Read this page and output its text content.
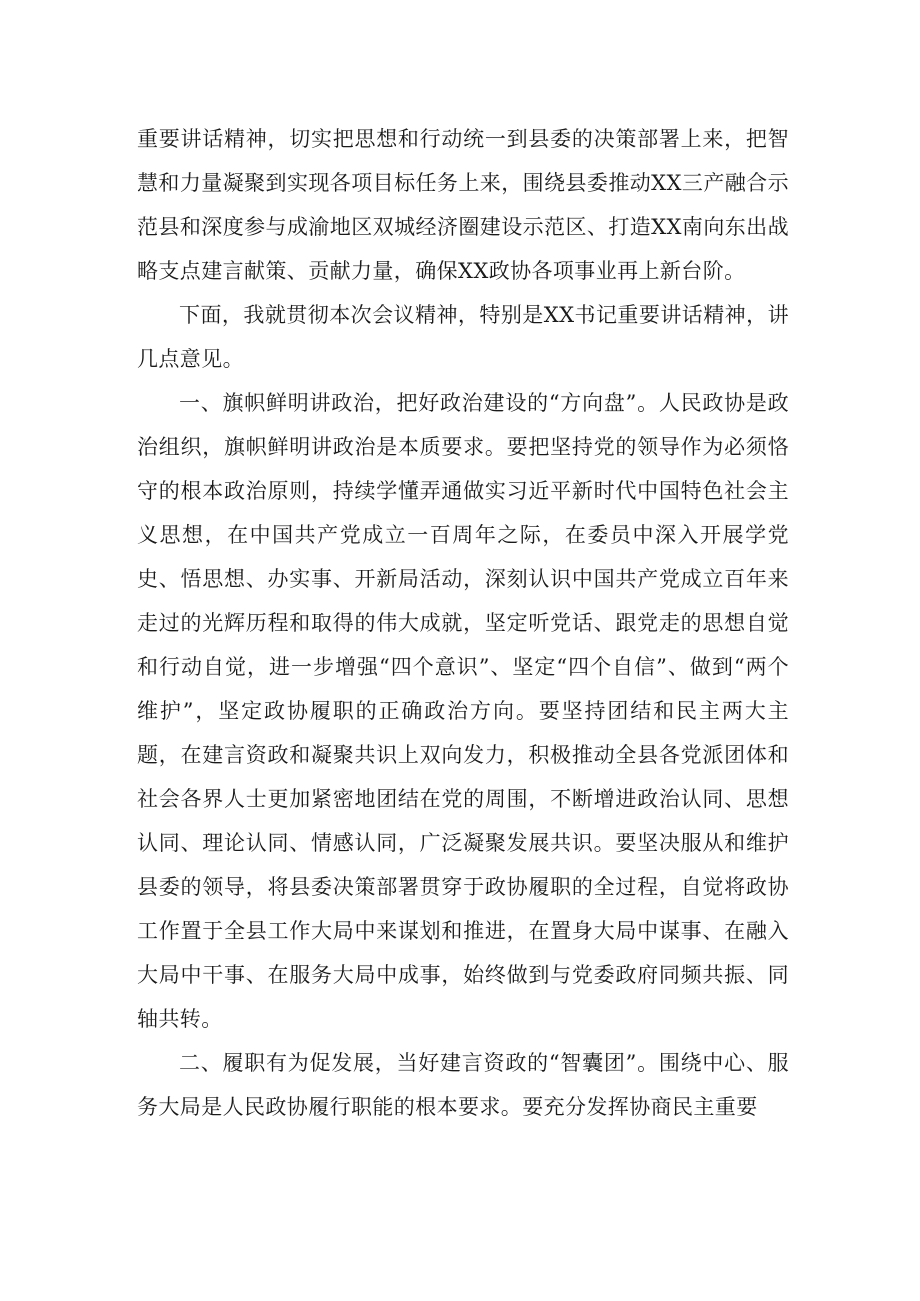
重要讲话精神，切实把思想和行动统一到县委的决策部署上来，把智慧和力量凝聚到实现各项目标任务上来，围绕县委推动XX三产融合示范县和深度参与成渝地区双城经济圈建设示范区、打造XX南向东出战略支点建言献策、贡献力量，确保XX政协各项事业再上新台阶。

下面，我就贯彻本次会议精神，特别是XX书记重要讲话精神，讲几点意见。

一、旗帜鲜明讲政治，把好政治建设的“方向盘”。人民政协是政治组织，旗帜鲜明讲政治是本质要求。要把坚持党的领导作为必须恪守的根本政治原则，持续学懂弄通做实习近平新时代中国特色社会主义思想，在中国共产党成立一百周年之际，在委员中深入开展学党史、悟思想、办实事、开新局活动，深刻认识中国共产党成立百年来走过的光辉历程和取得的伟大成就，坚定听党话、跟党走的思想自觉和行动自觉，进一步增强“四个意识”、坚定“四个自信”、做到“两个维护”，坚定政协履职的正确政治方向。要坚持团结和民主两大主题，在建言资政和凝聚共识上双向发力，积极推动全县各党派团体和社会各界人士更加紧密地团结在党的周围，不断增进政治认同、思想认同、理论认同、情感认同，广泛凝聚发展共识。要坚决服从和维护县委的领导，将县委决策部署贯穿于政协履职的全过程，自觉将政协工作置于全县工作大局中来谋划和推进，在置身大局中谋事、在融入大局中干事、在服务大局中成事，始终做到与党委政府同频共振、同轴共转。

二、履职有为促发展，当好建言资政的“智囊团”。围绕中心、服务大局是人民政协履行职能的根本要求。要充分发挥协商民主重要
